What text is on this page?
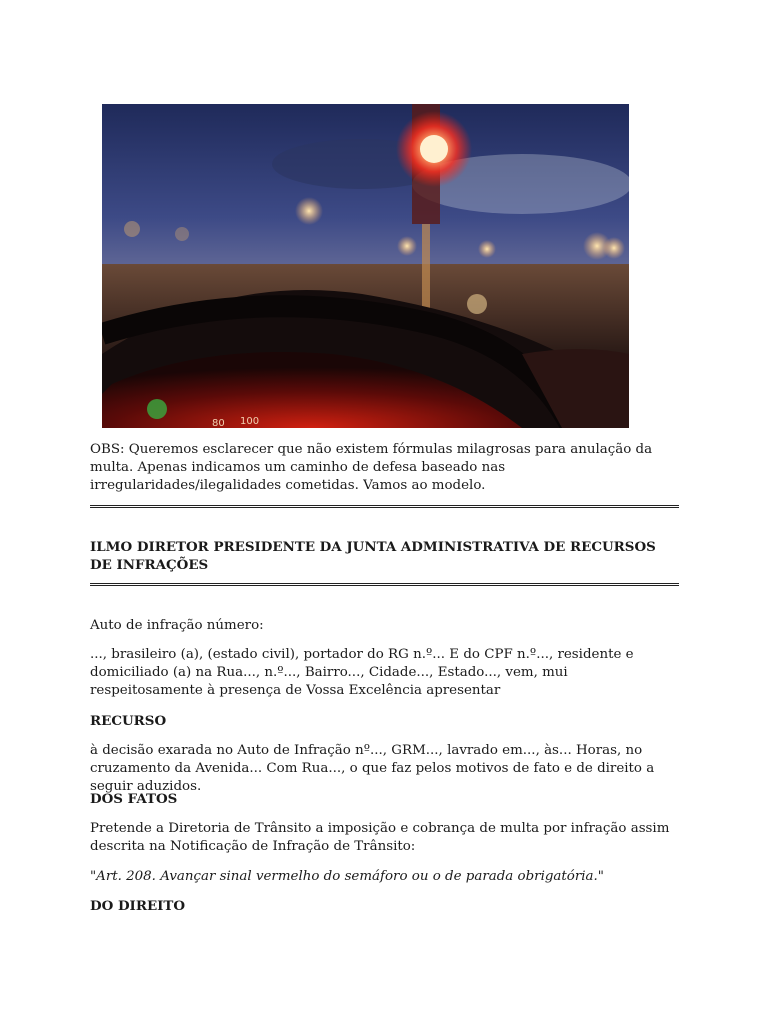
80 100

OBS: Queremos esclarecer que não existem fórmulas milagrosas para anulação da multa. Apenas indicamos um caminho de defesa baseado nas irregularidades/ilegalidades cometidas. Vamos ao modelo.

ILMO DIRETOR PRESIDENTE DA JUNTA ADMINISTRATIVA DE RECURSOS DE INFRAÇÕES

Auto de infração número:

..., brasileiro (a), (estado civil), portador do RG n.º... E do CPF n.º..., residente e domiciliado (a) na Rua..., n.º..., Bairro..., Cidade..., Estado..., vem, mui respeitosamente à presença de Vossa Excelência apresentar

RECURSO

à decisão exarada no Auto de Infração nº..., GRM..., lavrado em..., às... Horas, no cruzamento da Avenida... Com Rua..., o que faz pelos motivos de fato e de direito a seguir aduzidos.

DOS FATOS

Pretende a Diretoria de Trânsito a imposição e cobrança de multa por infração assim descrita na Notificação de Infração de Trânsito:

"Art. 208. Avançar sinal vermelho do semáforo ou o de parada obrigatória."

DO DIREITO
